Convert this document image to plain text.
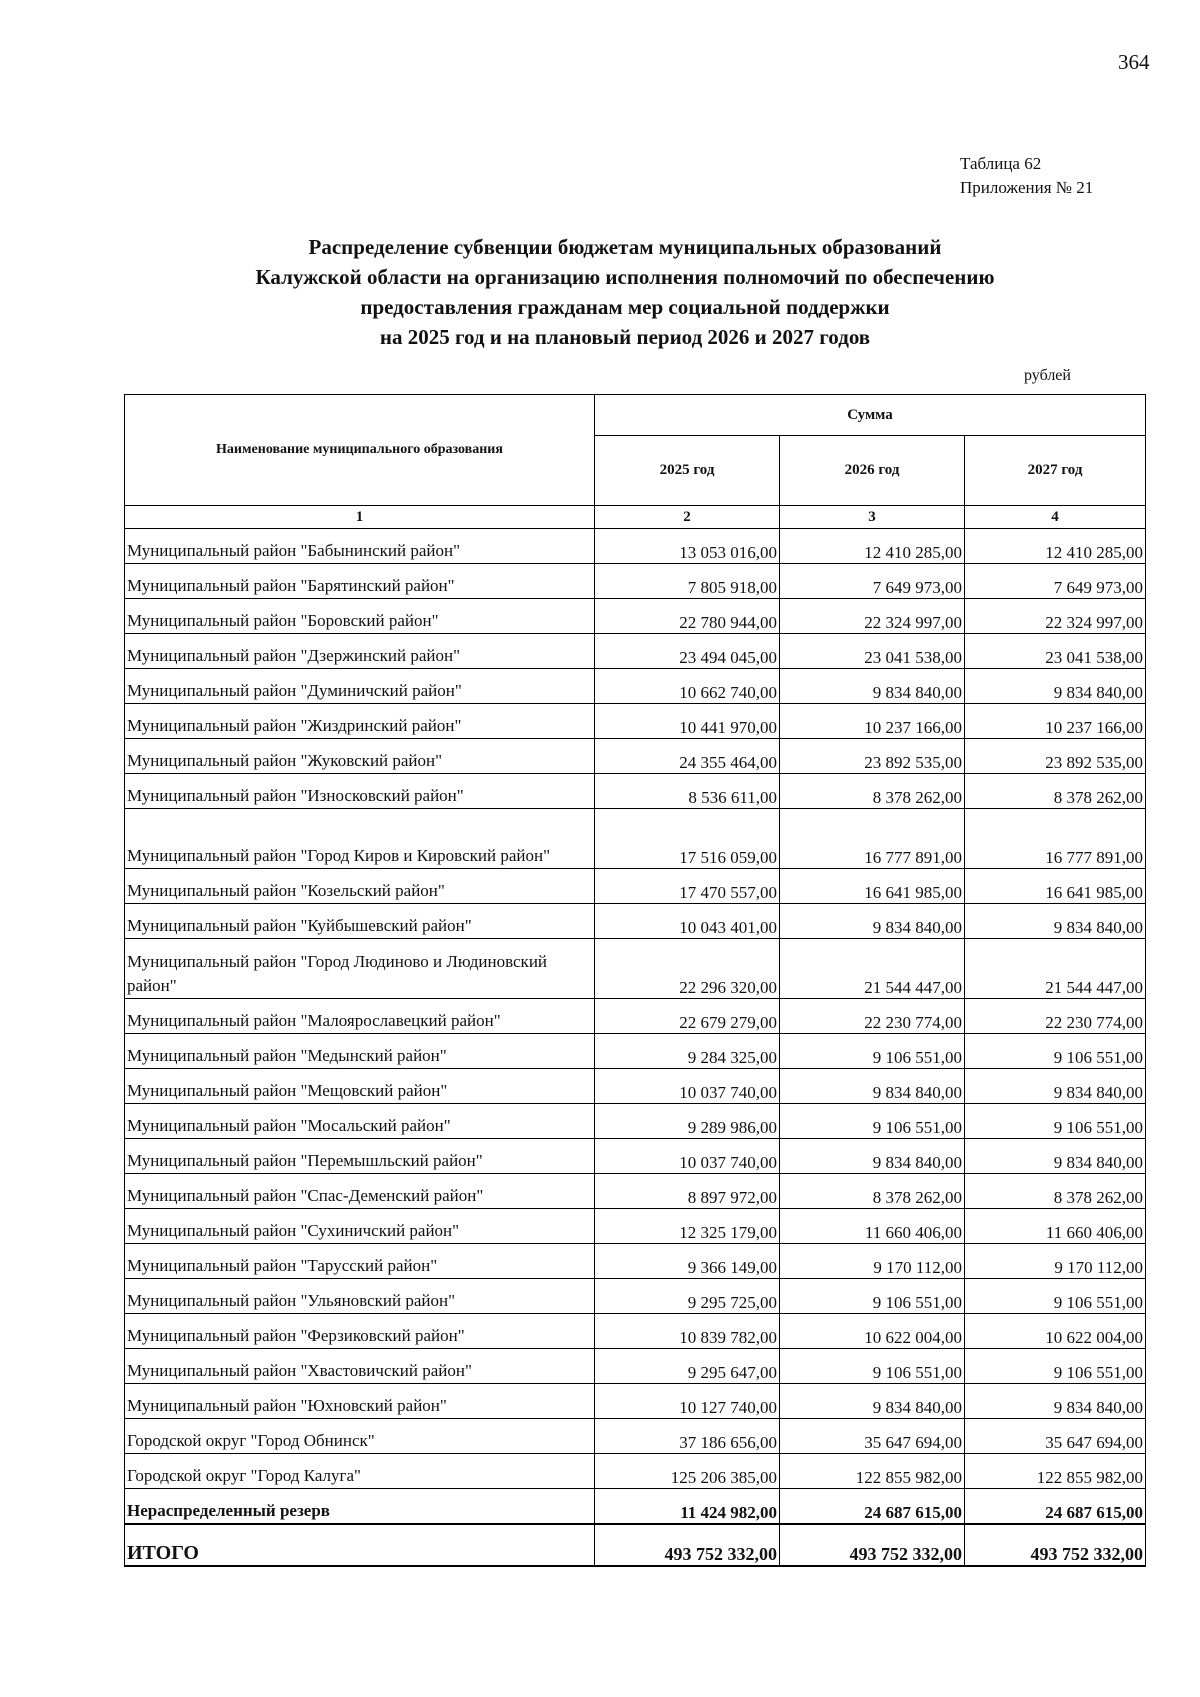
364
Таблица 62
Приложения № 21
Распределение субвенции бюджетам муниципальных образований
Калужской области на организацию исполнения полномочий по обеспечению
предоставления гражданам мер социальной поддержки
на 2025 год и на плановый период 2026 и 2027 годов
рублей
Наименование муниципального образования	Сумма		
	2025 год	2026 год	2027 год
1	2	3	4
Муниципальный район "Бабынинский район"	13 053 016,00	12 410 285,00	12 410 285,00
Муниципальный район "Барятинский район"	7 805 918,00	7 649 973,00	7 649 973,00
Муниципальный район "Боровский район"	22 780 944,00	22 324 997,00	22 324 997,00
Муниципальный район "Дзержинский район"	23 494 045,00	23 041 538,00	23 041 538,00
Муниципальный район "Думиничский район"	10 662 740,00	9 834 840,00	9 834 840,00
Муниципальный район "Жиздринский район"	10 441 970,00	10 237 166,00	10 237 166,00
Муниципальный район "Жуковский район"	24 355 464,00	23 892 535,00	23 892 535,00
Муниципальный район "Износковский район"	8 536 611,00	8 378 262,00	8 378 262,00
Муниципальный район "Город Киров и Кировский район"	17 516 059,00	16 777 891,00	16 777 891,00
Муниципальный район "Козельский район"	17 470 557,00	16 641 985,00	16 641 985,00
Муниципальный район "Куйбышевский район"	10 043 401,00	9 834 840,00	9 834 840,00
Муниципальный район "Город Людиново и Людиновский район"	22 296 320,00	21 544 447,00	21 544 447,00
Муниципальный район "Малоярославецкий район"	22 679 279,00	22 230 774,00	22 230 774,00
Муниципальный район "Медынский район"	9 284 325,00	9 106 551,00	9 106 551,00
Муниципальный район "Мещовский район"	10 037 740,00	9 834 840,00	9 834 840,00
Муниципальный район "Мосальский район"	9 289 986,00	9 106 551,00	9 106 551,00
Муниципальный район "Перемышльский район"	10 037 740,00	9 834 840,00	9 834 840,00
Муниципальный район "Спас-Деменский район"	8 897 972,00	8 378 262,00	8 378 262,00
Муниципальный район "Сухиничский район"	12 325 179,00	11 660 406,00	11 660 406,00
Муниципальный район "Тарусский район"	9 366 149,00	9 170 112,00	9 170 112,00
Муниципальный район "Ульяновский район"	9 295 725,00	9 106 551,00	9 106 551,00
Муниципальный район "Ферзиковский район"	10 839 782,00	10 622 004,00	10 622 004,00
Муниципальный район "Хвастовичский район"	9 295 647,00	9 106 551,00	9 106 551,00
Муниципальный район "Юхновский район"	10 127 740,00	9 834 840,00	9 834 840,00
Городской округ "Город Обнинск"	37 186 656,00	35 647 694,00	35 647 694,00
Городской округ "Город Калуга"	125 206 385,00	122 855 982,00	122 855 982,00
Нераспределенный резерв	11 424 982,00	24 687 615,00	24 687 615,00
ИТОГО	493 752 332,00	493 752 332,00	493 752 332,00
